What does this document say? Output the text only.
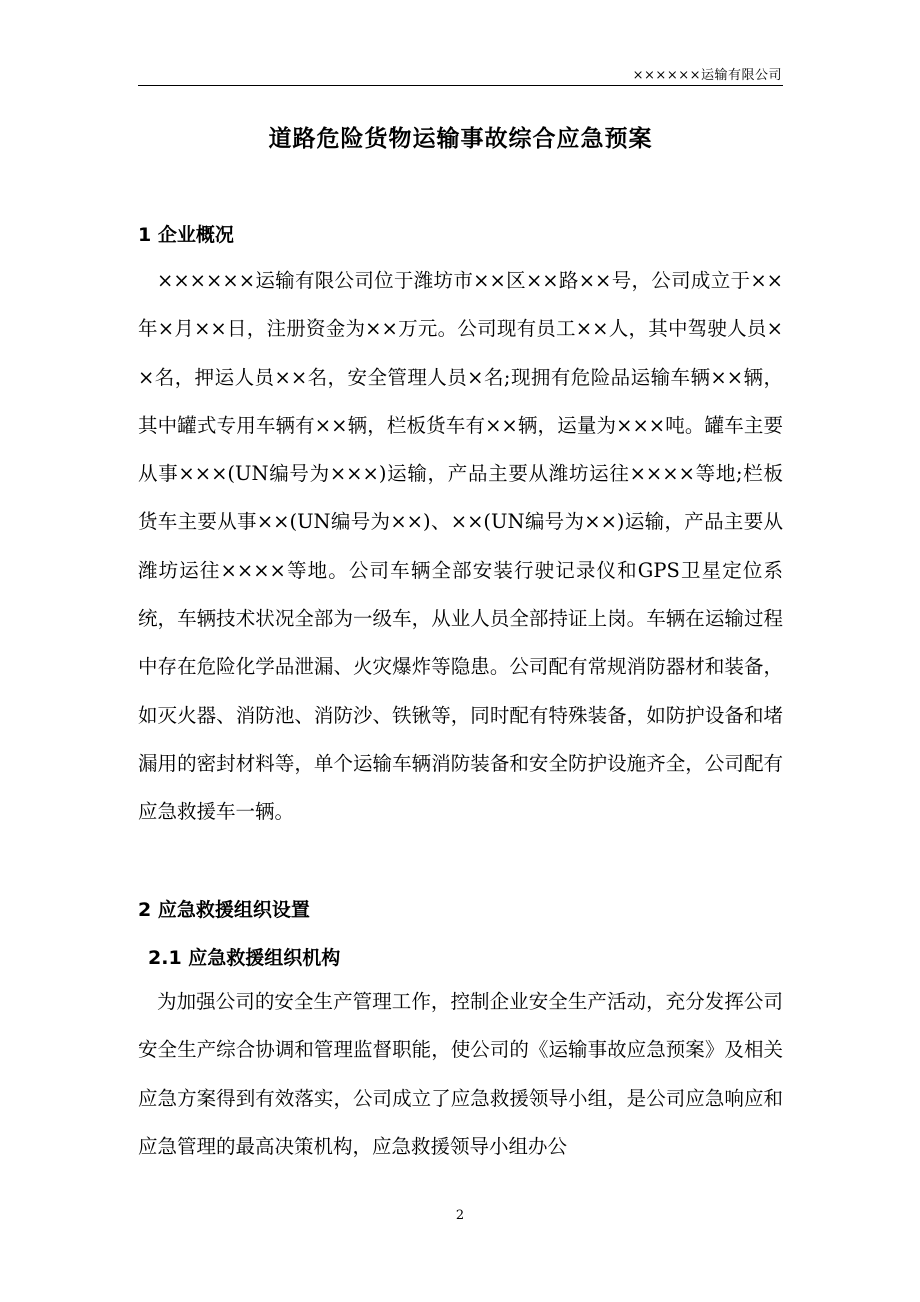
××××××运输有限公司
道路危险货物运输事故综合应急预案
1 企业概况
××××××运输有限公司位于潍坊市××区××路××号，公司成立于××年×月××日，注册资金为××万元。公司现有员工××人，其中驾驶人员××名，押运人员××名，安全管理人员×名;现拥有危险品运输车辆××辆，其中罐式专用车辆有××辆，栏板货车有××辆，运量为×××吨。罐车主要从事×××(UN编号为×××)运输，产品主要从潍坊运往××××等地;栏板货车主要从事××(UN编号为××)、××(UN编号为××)运输，产品主要从潍坊运往××××等地。公司车辆全部安装行驶记录仪和GPS卫星定位系统，车辆技术状况全部为一级车，从业人员全部持证上岗。车辆在运输过程中存在危险化学品泄漏、火灾爆炸等隐患。公司配有常规消防器材和装备，如灭火器、消防池、消防沙、铁锹等，同时配有特殊装备，如防护设备和堵漏用的密封材料等，单个运输车辆消防装备和安全防护设施齐全，公司配有应急救援车一辆。
2 应急救援组织设置
2.1 应急救援组织机构
为加强公司的安全生产管理工作，控制企业安全生产活动，充分发挥公司安全生产综合协调和管理监督职能，使公司的《运输事故应急预案》及相关应急方案得到有效落实，公司成立了应急救援领导小组，是公司应急响应和应急管理的最高决策机构，应急救援领导小组办公
2
